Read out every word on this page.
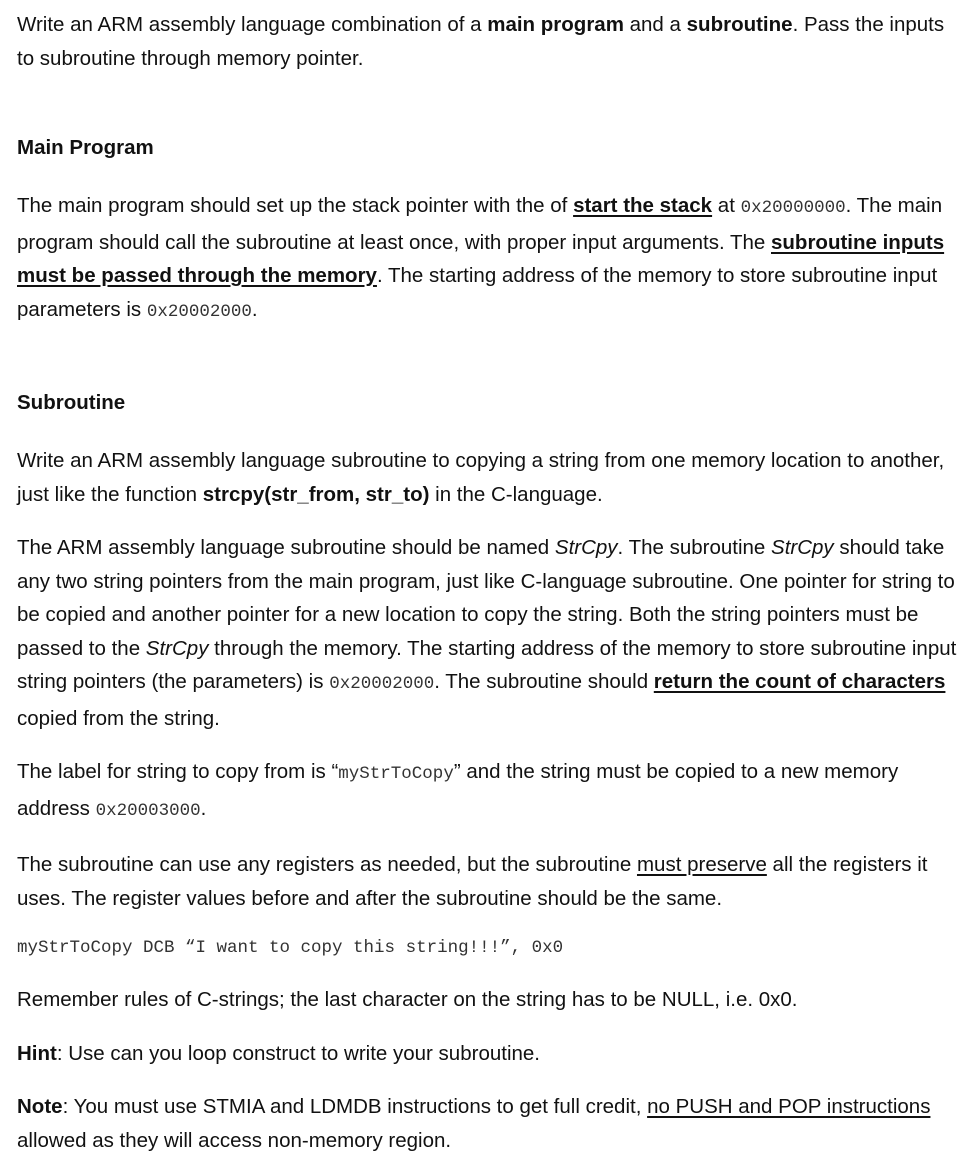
Write an ARM assembly language combination of a main program and a subroutine. Pass the inputs to subroutine through memory pointer.

Main Program

The main program should set up the stack pointer with the of start the stack at 0x20000000. The main program should call the subroutine at least once, with proper input arguments. The subroutine inputs must be passed through the memory. The starting address of the memory to store subroutine input parameters is 0x20002000.

Subroutine

Write an ARM assembly language subroutine to copying a string from one memory location to another, just like the function strcpy(str_from, str_to) in the C-language.

The ARM assembly language subroutine should be named StrCpy. The subroutine StrCpy should take any two string pointers from the main program, just like C-language subroutine. One pointer for string to be copied and another pointer for a new location to copy the string. Both the string pointers must be passed to the StrCpy through the memory. The starting address of the memory to store subroutine input string pointers (the parameters) is 0x20002000. The subroutine should return the count of characters copied from the string.

The label for string to copy from is “myStrToCopy” and the string must be copied to a new memory address 0x20003000.

The subroutine can use any registers as needed, but the subroutine must preserve all the registers it uses. The register values before and after the subroutine should be the same.

myStrToCopy DCB “I want to copy this string!!!”, 0x0

Remember rules of C-strings; the last character on the string has to be NULL, i.e. 0x0.

Hint: Use can you loop construct to write your subroutine.

Note: You must use STMIA and LDMDB instructions to get full credit, no PUSH and POP instructions allowed as they will access non-memory region.
